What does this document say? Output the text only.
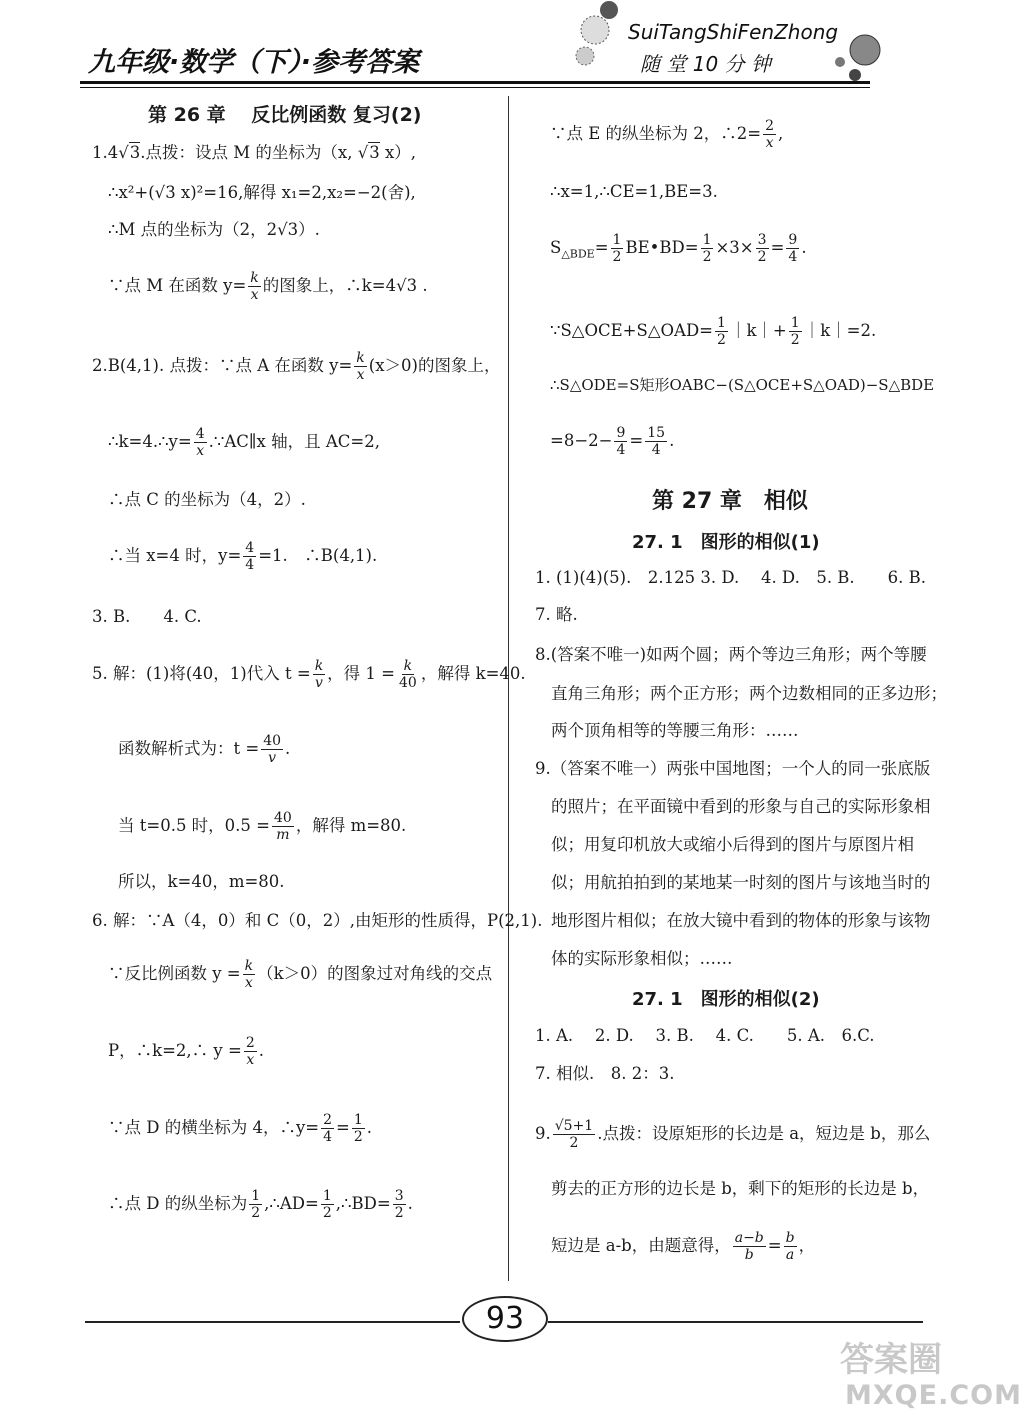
九年级·数学（下）·参考答案
SuiTangShiFenZhong
随 堂 10 分 钟
第 26 章　 反比例函数 复习(2)
1.4√3.点拨：设点 M 的坐标为（x, √3 x）,
∴x²+(√3 x)²=16,解得 x₁=2,x₂=−2(舍),
∴M 点的坐标为（2，2√3）.
∵点 M 在函数 $y= \frac{k}{x}$ 的图象上，∴k=4√3 .
2.B(4,1). 点拨：∵点 A 在函数 $y= \frac{k}{x} (x>0)$的图象上，
∴k=4.∴y= $\frac{4}{x}$ .∵AC∥x 轴，且 AC=2,
∴点 C 的坐标为（4，2）.
∴当 x=4 时，$y= \frac{4}{4} =1$.　∴B(4,1).
3. B.　　4. C.
5. 解：(1)将(40，1)代入 $t = \frac{k}{v}$ ，得 $1 = \frac{k}{40}$ ，解得 k=40.
函数解析式为：$t = \frac{40}{v}$ .
当 t=0.5 时，$0.5 = \frac{40}{m}$ ，解得 m=80.
所以，k=40，m=80.
6. 解：∵A（4，0）和 C（0，2）,由矩形的性质得，P(2,1).
∵反比例函数 $y = \frac{k}{x} (k>0)$的图象过对角线的交点
P，∴k=2,∴ $y = \frac{2}{x}$ .
∵点 D 的横坐标为 4，∴y= $\frac{2}{4} = \frac{1}{2}$ .
∴点 D 的纵坐标为 $\frac{1}{2}$ ,∴AD= $\frac{1}{2}$ ,∴BD= $\frac{3}{2}$ .
∵点 E 的纵坐标为 2，∴2= $\frac{2}{x}$ ,
∴x=1,∴CE=1,BE=3.
$S_{\triangle BDE}= \frac{1}{2}$ BE•BD= $\frac{1}{2} \times 3\times \frac{3}{2} = \frac{9}{4}$ .
∵S△OCE+S△OAD= $\frac{1}{2}$ ｜k｜+ $\frac{1}{2}$ ｜k｜=2.
∴S△ODE=S矩形OABC−(S△OCE+S△OAD)−S△BDE
$=8-2- \frac{9}{4} = \frac{15}{4}$ .
第 27 章　相似
27. 1　图形的相似(1)
1. (1)(4)(5).　2.125 3. D.　 4. D.　5. B.　　6. B.
7. 略.
8.(答案不唯一)如两个圆；两个等边三角形；两个等腰
直角三角形；两个正方形；两个边数相同的正多边形；
两个顶角相等的等腰三角形：……
9.（答案不唯一）两张中国地图；一个人的同一张底版
的照片；在平面镜中看到的形象与自己的实际形象相
似；用复印机放大或缩小后得到的图片与原图片相
似；用航拍拍到的某地某一时刻的图片与该地当时的
地形图片相似；在放大镜中看到的物体的形象与该物
体的实际形象相似；……
27. 1　图形的相似(2)
1. A.　 2. D.　 3. B.　 4. C.　　5. A.　6.C.
7. 相似.　8. 2：3.
9. $\frac{√5+1}{2}$ .点拨：设原矩形的长边是 a，短边是 b，那么
剪去的正方形的边长是 b，剩下的矩形的长边是 b，
短边是 a-b，由题意得， $\frac{a-b}{b} = \frac{b}{a}$ ，
93
答案圈
MXQE.COM
